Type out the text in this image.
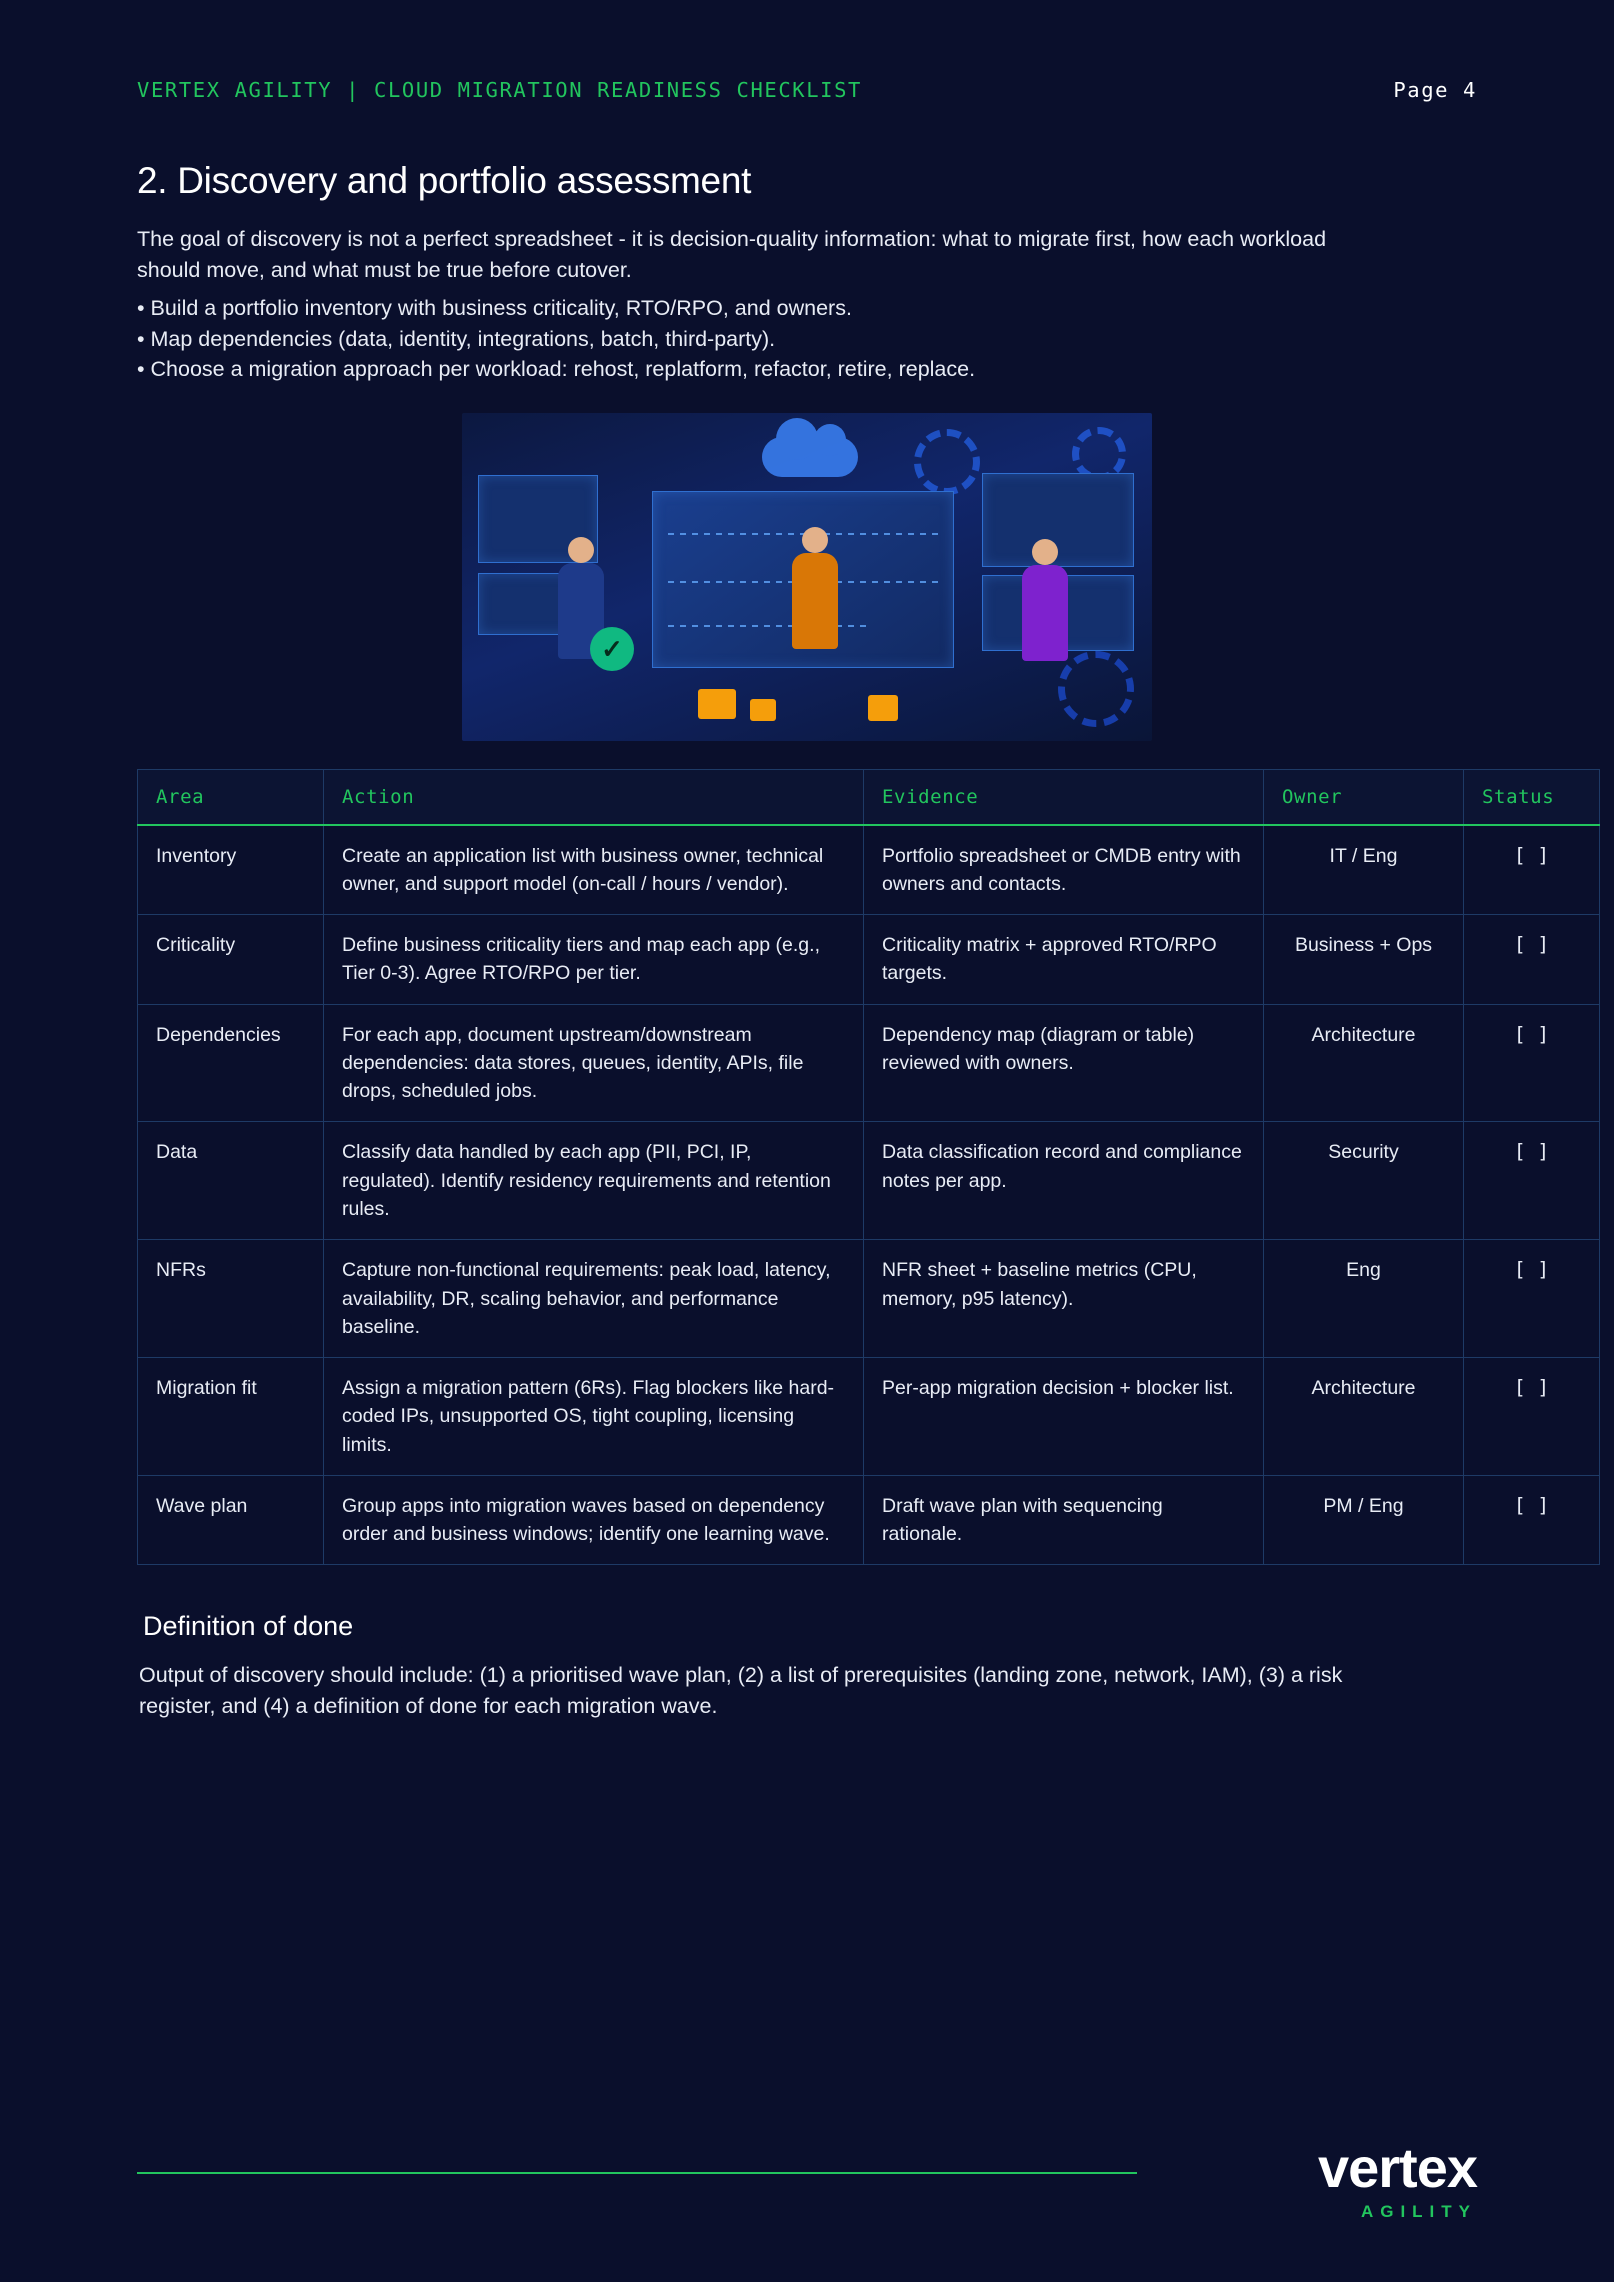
VERTEX AGILITY | CLOUD MIGRATION READINESS CHECKLIST	Page 4
2. Discovery and portfolio assessment

The goal of discovery is not a perfect spreadsheet - it is decision-quality information: what to migrate first, how each workload should move, and what must be true before cutover.

• Build a portfolio inventory with business criticality, RTO/RPO, and owners.
• Map dependencies (data, identity, integrations, batch, third-party).
• Choose a migration approach per workload: rehost, replatform, refactor, retire, replace.
✓
Area	Action	Evidence	Owner	Status
Inventory	Create an application list with business owner, technical owner, and support model (on-call / hours / vendor).	Portfolio spreadsheet or CMDB entry with owners and contacts.	IT / Eng	[ ]
Criticality	Define business criticality tiers and map each app (e.g., Tier 0-3). Agree RTO/RPO per tier.	Criticality matrix + approved RTO/RPO targets.	Business + Ops	[ ]
Dependencies	For each app, document upstream/downstream dependencies: data stores, queues, identity, APIs, file drops, scheduled jobs.	Dependency map (diagram or table) reviewed with owners.	Architecture	[ ]
Data	Classify data handled by each app (PII, PCI, IP, regulated). Identify residency requirements and retention rules.	Data classification record and compliance notes per app.	Security	[ ]
NFRs	Capture non-functional requirements: peak load, latency, availability, DR, scaling behavior, and performance baseline.	NFR sheet + baseline metrics (CPU, memory, p95 latency).	Eng	[ ]
Migration fit	Assign a migration pattern (6Rs). Flag blockers like hard-coded IPs, unsupported OS, tight coupling, licensing limits.	Per-app migration decision + blocker list.	Architecture	[ ]
Wave plan	Group apps into migration waves based on dependency order and business windows; identify one learning wave.	Draft wave plan with sequencing rationale.	PM / Eng	[ ]
Definition of done

Output of discovery should include: (1) a prioritised wave plan, (2) a list of prerequisites (landing zone, network, IAM), (3) a risk register, and (4) a definition of done for each migration wave.

vertex
AGILITY
